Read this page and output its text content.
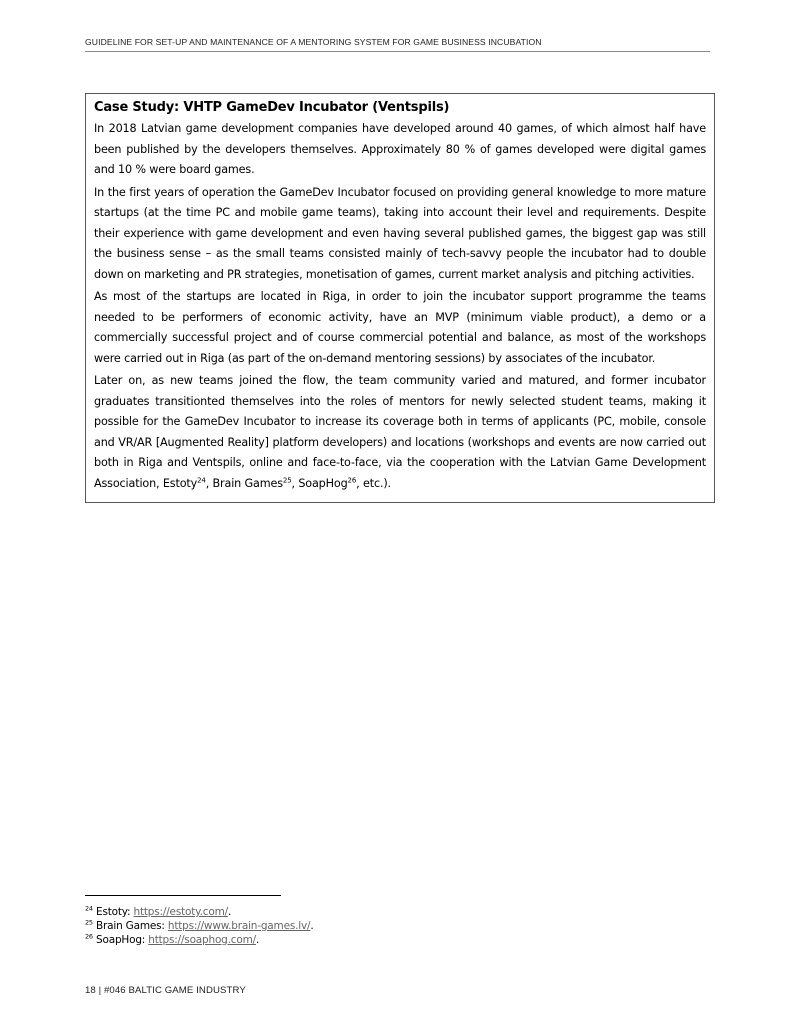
GUIDELINE FOR SET-UP AND MAINTENANCE OF A MENTORING SYSTEM FOR GAME BUSINESS INCUBATION
Case Study: VHTP GameDev Incubator (Ventspils)

In 2018 Latvian game development companies have developed around 40 games, of which almost half have been published by the developers themselves. Approximately 80 % of games developed were digital games and 10 % were board games.

In the first years of operation the GameDev Incubator focused on providing general knowledge to more mature startups (at the time PC and mobile game teams), taking into account their level and requirements. Despite their experience with game development and even having several published games, the biggest gap was still the business sense – as the small teams consisted mainly of tech-savvy people the incubator had to double down on marketing and PR strategies, monetisation of games, current market analysis and pitching activities.

As most of the startups are located in Riga, in order to join the incubator support programme the teams needed to be performers of economic activity, have an MVP (minimum viable product), a demo or a commercially successful project and of course commercial potential and balance, as most of the workshops were carried out in Riga (as part of the on-demand mentoring sessions) by associates of the incubator.

Later on, as new teams joined the flow, the team community varied and matured, and former incubator graduates transitionted themselves into the roles of mentors for newly selected student teams, making it possible for the GameDev Incubator to increase its coverage both in terms of applicants (PC, mobile, console and VR/AR [Augmented Reality] platform developers) and locations (workshops and events are now carried out both in Riga and Ventspils, online and face-to-face, via the cooperation with the Latvian Game Development Association, Estoty$^{24}$, Brain Games$^{25}$, SoapHog$^{26}$, etc.).

$^{24}$ Estoty: https://estoty.com/.
$^{25}$ Brain Games: https://www.brain-games.lv/.
$^{26}$ SoapHog: https://soaphog.com/.
18 | #046 BALTIC GAME INDUSTRY
